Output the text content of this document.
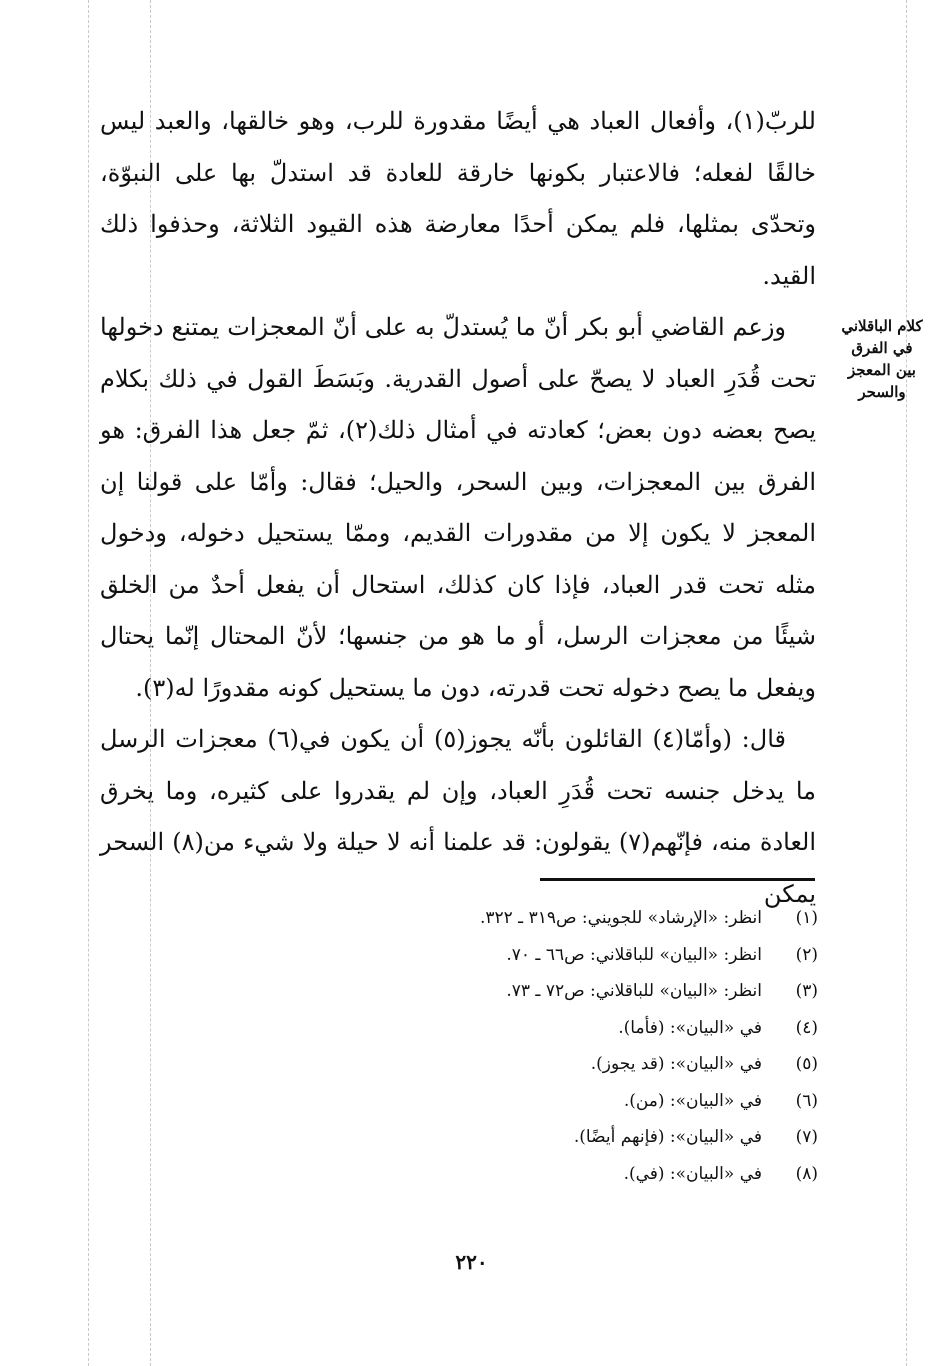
للربّ(١)، وأفعال العباد هي أيضًا مقدورة للرب، وهو خالقها، والعبد ليس خالقًا لفعله؛ فالاعتبار بكونها خارقة للعادة قد استدلّ بها على النبوّة، وتحدّى بمثلها، فلم يمكن أحدًا معارضة هذه القيود الثلاثة، وحذفوا ذلك القيد.

وزعم القاضي أبو بكر أنّ ما يُستدلّ به على أنّ المعجزات يمتنع دخولها تحت قُدَرِ العباد لا يصحّ على أصول القدرية. وبَسَطَ القول في ذلك بكلام يصح بعضه دون بعض؛ كعادته في أمثال ذلك(٢)، ثمّ جعل هذا الفرق: هو الفرق بين المعجزات، وبين السحر، والحيل؛ فقال: وأمّا على قولنا إن المعجز لا يكون إلا من مقدورات القديم، وممّا يستحيل دخوله، ودخول مثله تحت قدر العباد، فإذا كان كذلك، استحال أن يفعل أحدٌ من الخلق شيئًا من معجزات الرسل، أو ما هو من جنسها؛ لأنّ المحتال إنّما يحتال ويفعل ما يصح دخوله تحت قدرته، دون ما يستحيل كونه مقدورًا له(٣).

قال: (وأمّا(٤) القائلون بأنّه يجوز(٥) أن يكون في(٦) معجزات الرسل ما يدخل جنسه تحت قُدَرِ العباد، وإن لم يقدروا على كثيره، وما يخرق العادة منه، فإنّهم(٧) يقولون: قد علمنا أنه لا حيلة ولا شيء من(٨) السحر يمكن

كلام الباقلاني
في الفرق
بين المعجز والسحر
(١)انظر: «الإرشاد» للجويني: ص٣١٩ ـ ٣٢٢.
(٢)انظر: «البيان» للباقلاني: ص٦٦ ـ ٧٠.
(٣)انظر: «البيان» للباقلاني: ص٧٢ ـ ٧٣.
(٤)في «البيان»: (فأما).
(٥)في «البيان»: (قد يجوز).
(٦)في «البيان»: (من).
(٧)في «البيان»: (فإنهم أيضًا).
(٨)في «البيان»: (في).
٢٢٠
